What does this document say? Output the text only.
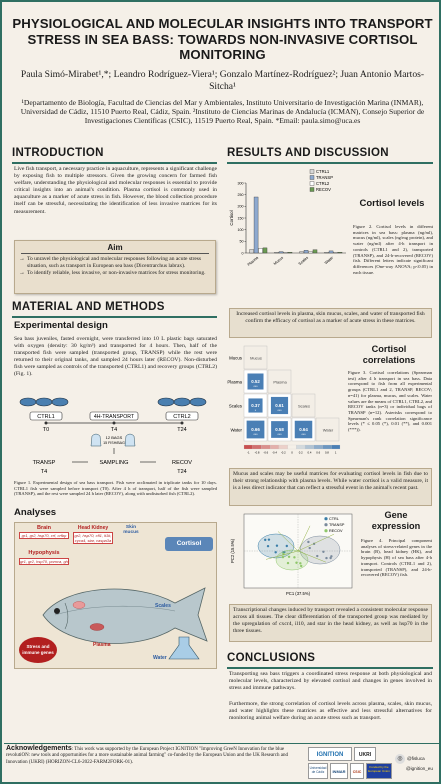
PHYSIOLOGICAL AND MOLECULAR INSIGHTS INTO TRANSPORT STRESS IN SEA BASS: TOWARDS NON-INVASIVE CORTISOL MONITORING
Paula Simó-Mirabet¹,*; Leandro Rodríguez-Viera¹; Gonzalo Martínez-Rodríguez²; Juan Antonio Martos-Sitcha¹
¹Departamento de Biología, Facultad de Ciencias del Mar y Ambientales, Instituto Universitario de Investigación Marina (INMAR), Universidad de Cádiz, 11510 Puerto Real, Cádiz, Spain. ²Instituto de Ciencias Marinas de Andalucía (ICMAN), Consejo Superior de Investigaciones Científicas (CSIC), 11519 Puerto Real, Spain. *Email: paula.simo@uca.es
INTRODUCTION
Live fish transport, a necessary practice in aquaculture, represents a significant challenge by exposing fish to multiple stressors. Given the growing concern for farmed fish welfare, understanding the physiological and molecular responses is essential to provide critical insights into an animal's condition. Plasma cortisol is commonly used in aquaculture as a marker of acute stress in fish. However, the blood collection procedure itself can be stressful, necessitating the identification of less invasive matrices for its measurement.
Aim
→ To unravel the physiological and molecular responses following an acute stress situation, such as transport in European sea bass (Dicentrarchus labrax).
→ To identify reliable, less invasive, or non-invasive matrices for stress monitoring.
MATERIAL AND METHODS
Experimental design
Sea bass juveniles, fasted overnight, were transferred into 10 L plastic bags saturated with oxygen (density: 30 kg/m³) and transported for 4 hours. Then, half of the transported fish were sampled (transported group, TRANSP) while the rest were returned to their original tanks, and sampled 24 hours later (RECOV). Non-disturbed fish were sampled as controls of the transported (CTRL1) and recovery groups (CTRL2) (Fig. 1).
CTRL1	4H-TRANSPORT	CTRL2
T0	T4	T24
12 BAGS
15 FISH/BAG
TRANSP	SAMPLING	RECOV
T4	T24
Figure 1. Experimental design of sea bass transport. Fish were acclimated in triplicate tanks for 10 days. CTRL1 fish were sampled before transport (T0). After 4 h of transport, half of the fish were sampled (TRANSP), and the rest were sampled 24 h later (RECOV), along with undisturbed fish (CTRL2).
Analyses
Brain
gr1, gr2, hsp70, crf, crfbp
Hypophysis
gr1, gr2, hsp70, pomca, gh
Head Kidney
gr2, hsp70, cfl1, lt3k, cyca4, star, caspa3a
Skin mucus
Cortisol
Scales
Plasma
Water
Stress and immune genes
RESULTS AND DISCUSSION
0
50
100
150
200
250
300
Cortisol
Plasma	Mucus	Scales	Water
CTRL1
TRANSP
CTRL2
RECOV
Cortisol levels
Figure 2. Cortisol levels in different matrices in sea bass: plasma (ng/ml), mucus (ng/ml), scales (ng/mg protein), and water (ng/ml) after 4-h transport in controls (CTRL1 and 2), transported (TRANSP), and 24-h-recovered (RECOV) fish. Different letters indicate significant differences (One-way ANOVA; p<0.05) in each tissue.
Increased cortisol levels in plasma, skin mucus, scales, and water of transported fish confirm the efficacy of cortisol as a marker of acute stress in these matrices.
Mucus
Plasma
Scales
Water
Mucus
Plasma
Scales
Water
0.52
***
0.37
*
0.61
***
0.66
***
0.58
***
0.64
***
-1 -0.8 -0.6 -0.4 -0.2 0 0.2 0.4 0.6 0.8 1
Cortisol correlations
Figure 3. Cortisol correlations (Spearman test) after 4 h transport in sea bass. Data correspond to fish from all experimental groups (CTRL1 and 2, TRANSP, RECOV; n=41) for plasma, mucus, and scales. Water values are the means of CTRL1, CTRL2, and RECOV tanks (n=3) or individual bags of TRANSP (n=12). Asterisks correspond to Spearman's rank correlation significance levels (* ≤ 0.05 (*), 0.01 (**), and 0.001 (***)).
Mucus and scales may be useful matrices for evaluating cortisol levels in fish due to their strong relationship with plasma levels. While water cortisol is a valid measure, it is a less direct indicator that can reflect a stressful event in the animal's recent past.
PC1 (37.5%)
PC2 (15.5%)
CTRL
TRANSP
RECOV
Gene expression
Figure 4. Principal component analyses of stress-related genes in the brain (B), head kidney (HK), and hypophysis (H) of sea bass after 4-h transport. Controls (CTRL1 and 2), transported (TRANSP), and 24-h-recovered (RECOV) fish.
Transcriptional changes induced by transport revealed a consistent molecular response across all tissues. The clear differentiation of the transported group was mediated by the upregulation of cxcr4, il10, and star in the head kidney, as well as hsp70 in the three tissues.
CONCLUSIONS
Transporting sea bass triggers a coordinated stress response at both physiological and molecular levels, characterized by elevated cortisol and changes in genes involved in stress and immune pathways.
Furthermore, the strong correlation of cortisol levels across plasma, scales, skin mucus, and water highlights these matrices as effective and less stressful alternatives for monitoring animal welfare during an acute stress such as transport.
Acknowledgements: This work was supported by the European Project IGNITION "Improving GreeN Innovation for the blue revolutiON: new tools and opportunities for a more sustainable animal farming" co-funded by the European Union and the UK Research and Innovation (UKRI) (HORIZON-CL6-2022-FARM2FORK-01).
IGNITION	UKRI
Universidad de Cádiz	INMAR	CSIC
Funded by the European Union
◎ @fisluca
@ignition_eu
